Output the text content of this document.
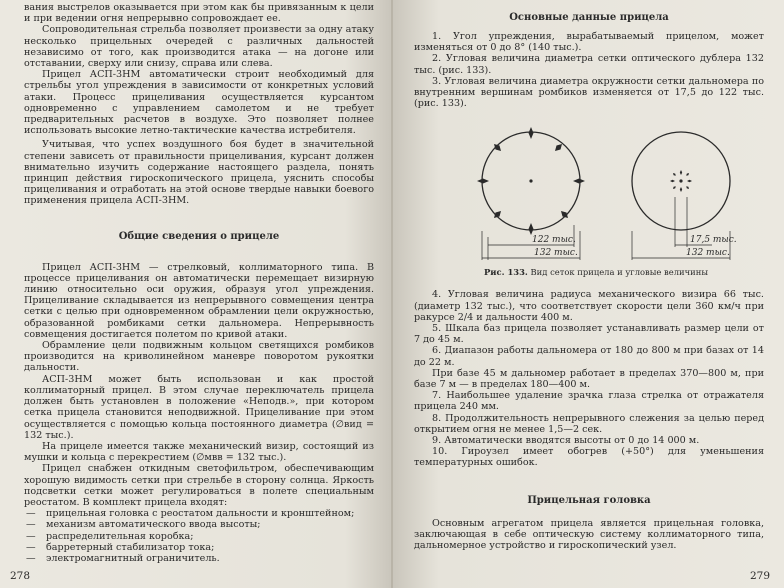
вания выстрелов оказывается при этом как бы привязанным к цели и при ведении огня непрерывно сопровождает ее.

Сопроводительная стрельба позволяет произвести за одну атаку несколько прицельных очередей с различных дальностей независимо от того, как производится атака — на догоне или отставании, сверху или снизу, справа или слева.

Прицел АСП-3НМ автоматически строит необходимый для стрельбы угол упреждения в зависимости от конкретных условий атаки. Процесс прицеливания осуществляется курсантом одновременно с управлением самолетом и не требует предварительных расчетов в воздухе. Это позволяет полнее использовать высокие летно-тактические качества истребителя.

Учитывая, что успех воздушного боя будет в значительной степени зависеть от правильности прицеливания, курсант должен внимательно изучить содержание настоящего раздела, понять принцип действия гироскопического прицела, уяснить способы прицеливания и отработать на этой основе твердые навыки боевого применения прицела АСП-3НМ.

Общие сведения о прицеле

Прицел АСП-3НМ — стрелковый, коллиматорного типа. В процессе прицеливания он автоматически перемещает визирную линию относительно оси оружия, образуя угол упреждения. Прицеливание складывается из непрерывного совмещения центра сетки с целью при одновременном обрамлении цели окружностью, образованной ромбиками сетки дальномера. Непрерывность совмещения достигается полетом по кривой атаки.

Обрамление цели подвижным кольцом светящихся ромбиков производится на криволинейном маневре поворотом рукоятки дальности.

АСП-3НМ может быть использован и как простой коллиматорный прицел. В этом случае переключатель прицела должен быть установлен в положение «Неподв.», при котором сетка прицела становится неподвижной. Прицеливание при этом осуществляется с помощью кольца постоянного диаметра (∅вид = 132 тыс.).

На прицеле имеется также механический визир, состоящий из мушки и кольца с перекрестием (∅мвв = 132 тыс.).

Прицел снабжен откидным светофильтром, обеспечивающим хорошую видимость сетки при стрельбе в сторону солнца. Яркость подсветки сетки может регулироваться в полете специальным реостатом. В комплект прицела входят:

— прицельная головка с реостатом дальности и кронштейном;
— механизм автоматического ввода высоты;
— распределительная коробка;
— барретерный стабилизатор тока;
— электромагнитный ограничитель.
278
Основные данные прицела

1. Угол упреждения, вырабатываемый прицелом, может изменяться от 0 до 8° (140 тыс.).

2. Угловая величина диаметра сетки оптического дублера 132 тыс. (рис. 133).

3. Угловая величина диаметра окружности сетки дальномера по внутренним вершинам ромбиков изменяется от 17,5 до 122 тыс. (рис. 133).

122 тыс.
132 тыс.
17,5 тыс.
132 тыс.
Рис. 133. Вид сеток прицела и угловые величины

4. Угловая величина радиуса механического визира 66 тыс. (диаметр 132 тыс.), что соответствует скорости цели 360 км/ч при ракурсе 2/4 и дальности 400 м.

5. Шкала баз прицела позволяет устанавливать размер цели от 7 до 45 м.

6. Диапазон работы дальномера от 180 до 800 м при базах от 14 до 22 м.

При базе 45 м дальномер работает в пределах 370—800 м, при базе 7 м — в пределах 180—400 м.

7. Наибольшее удаление зрачка глаза стрелка от отражателя прицела 240 мм.

8. Продолжительность непрерывного слежения за целью перед открытием огня не менее 1,5—2 сек.

9. Автоматически вводятся высоты от 0 до 14 000 м.

10. Гироузел имеет обогрев (+50°) для уменьшения температурных ошибок.

Прицельная головка

Основным агрегатом прицела является прицельная головка, заключающая в себе оптическую систему коллиматорного типа, дальномерное устройство и гироскопический узел.

279
